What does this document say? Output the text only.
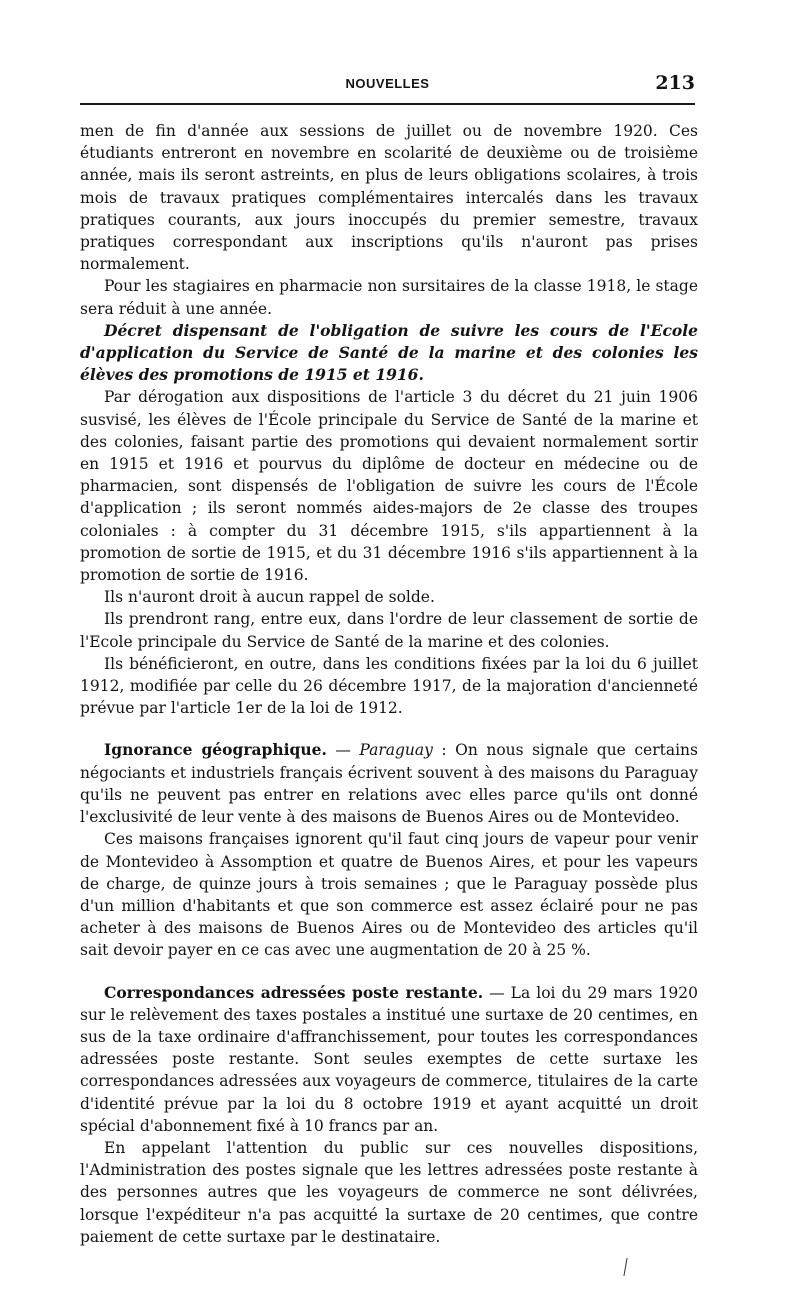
NOUVELLES	213

men de fin d'année aux sessions de juillet ou de novembre 1920. Ces étudiants entreront en novembre en scolarité de deuxième ou de troisième année, mais ils seront astreints, en plus de leurs obligations scolaires, à trois mois de travaux pratiques complémentaires intercalés dans les travaux pratiques courants, aux jours inoccupés du premier semestre, travaux pratiques correspondant aux inscriptions qu'ils n'auront pas prises normalement.

Pour les stagiaires en pharmacie non sursitaires de la classe 1918, le stage sera réduit à une année.

Décret dispensant de l'obligation de suivre les cours de l'Ecole d'application du Service de Santé de la marine et des colonies les élèves des promotions de 1915 et 1916.

Par dérogation aux dispositions de l'article 3 du décret du 21 juin 1906 susvisé, les élèves de l'École principale du Service de Santé de la marine et des colonies, faisant partie des promotions qui devaient normalement sortir en 1915 et 1916 et pourvus du diplôme de docteur en médecine ou de pharmacien, sont dispensés de l'obligation de suivre les cours de l'École d'application ; ils seront nommés aides-majors de 2e classe des troupes coloniales : à compter du 31 décembre 1915, s'ils appartiennent à la promotion de sortie de 1915, et du 31 décembre 1916 s'ils appartiennent à la promotion de sortie de 1916.

Ils n'auront droit à aucun rappel de solde.

Ils prendront rang, entre eux, dans l'ordre de leur classement de sortie de l'Ecole principale du Service de Santé de la marine et des colonies.

Ils bénéficieront, en outre, dans les conditions fixées par la loi du 6 juillet 1912, modifiée par celle du 26 décembre 1917, de la majoration d'ancienneté prévue par l'article 1er de la loi de 1912.

Ignorance géographique. — Paraguay : On nous signale que certains négociants et industriels français écrivent souvent à des maisons du Paraguay qu'ils ne peuvent pas entrer en relations avec elles parce qu'ils ont donné l'exclusivité de leur vente à des maisons de Buenos Aires ou de Montevideo.

Ces maisons françaises ignorent qu'il faut cinq jours de vapeur pour venir de Montevideo à Assomption et quatre de Buenos Aires, et pour les vapeurs de charge, de quinze jours à trois semaines ; que le Paraguay possède plus d'un million d'habitants et que son commerce est assez éclairé pour ne pas acheter à des maisons de Buenos Aires ou de Montevideo des articles qu'il sait devoir payer en ce cas avec une augmentation de 20 à 25 %.

Correspondances adressées poste restante. — La loi du 29 mars 1920 sur le relèvement des taxes postales a institué une surtaxe de 20 centimes, en sus de la taxe ordinaire d'affranchissement, pour toutes les correspondances adressées poste restante. Sont seules exemptes de cette surtaxe les correspondances adressées aux voyageurs de commerce, titulaires de la carte d'identité prévue par la loi du 8 octobre 1919 et ayant acquitté un droit spécial d'abonnement fixé à 10 francs par an.

En appelant l'attention du public sur ces nouvelles dispositions, l'Administration des postes signale que les lettres adressées poste restante à des personnes autres que les voyageurs de commerce ne sont délivrées, lorsque l'expéditeur n'a pas acquitté la surtaxe de 20 centimes, que contre paiement de cette surtaxe par le destinataire.
